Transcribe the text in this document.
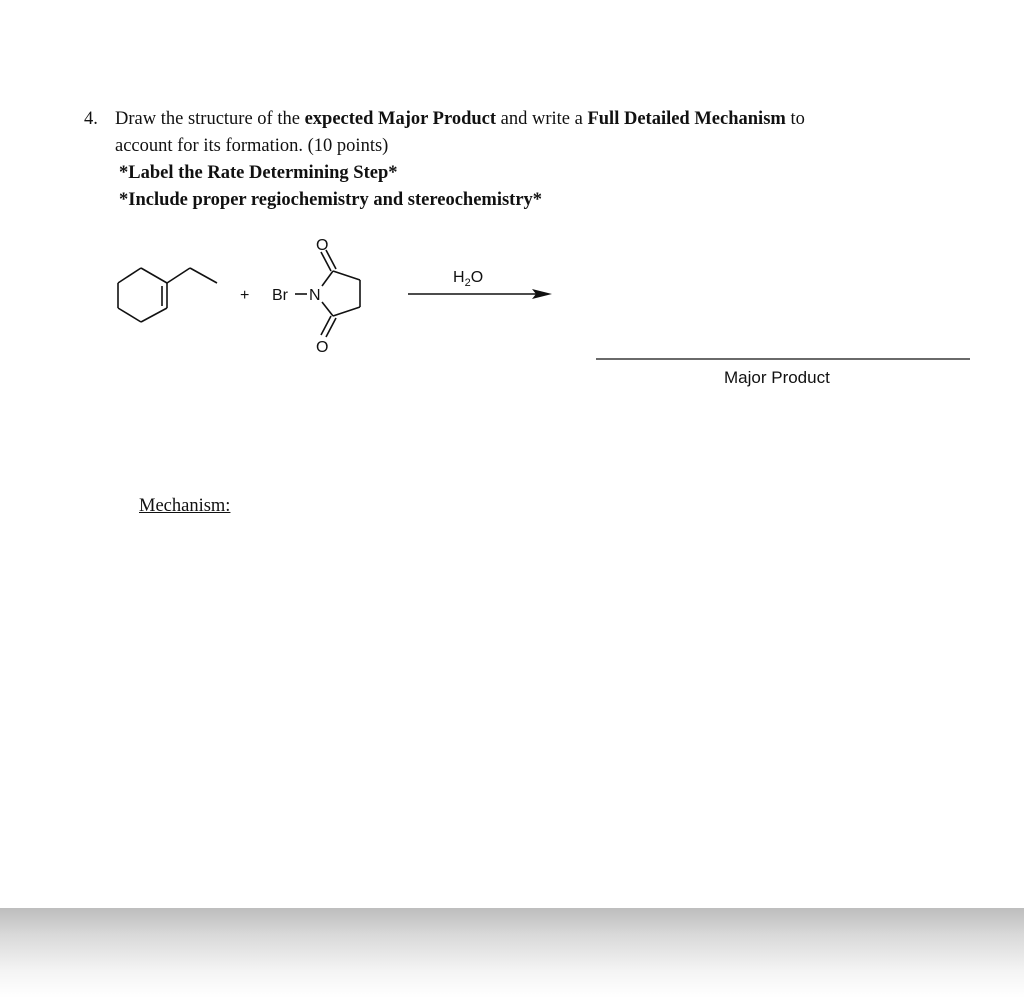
4. Draw the structure of the expected Major Product and write a Full Detailed Mechanism to
account for its formation. (10 points)
*Label the Rate Determining Step*
*Include proper regiochemistry and stereochemistry*
+ Br N
O
O
$H_2O$
Major Product
Mechanism:
